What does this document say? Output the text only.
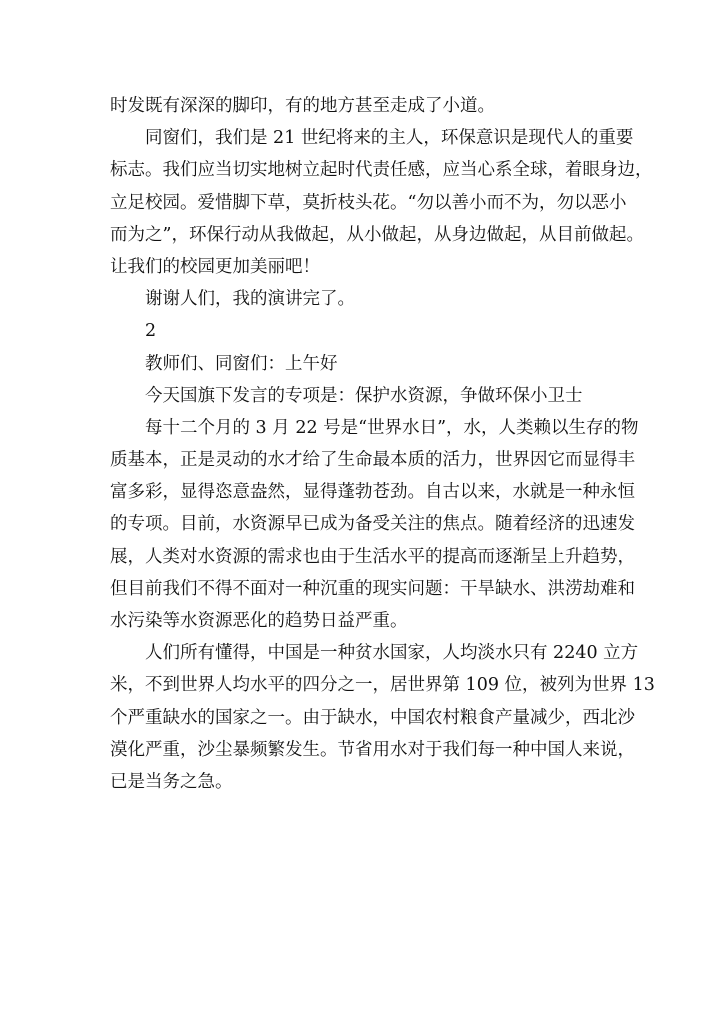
时发既有深深的脚印，有的地方甚至走成了小道。
同窗们，我们是 21 世纪将来的主人，环保意识是现代人的重要
标志。我们应当切实地树立起时代责任感，应当心系全球，着眼身边，
立足校园。爱惜脚下草，莫折枝头花。“勿以善小而不为，勿以恶小
而为之”，环保行动从我做起，从小做起，从身边做起，从目前做起。
让我们的校园更加美丽吧！
谢谢人们，我的演讲完了。
2
教师们、同窗们：上午好
今天国旗下发言的专项是：保护水资源，争做环保小卫士
每十二个月的 3 月 22 号是“世界水日”，水，人类赖以生存的物
质基本，正是灵动的水才给了生命最本质的活力，世界因它而显得丰
富多彩，显得恣意盎然，显得蓬勃苍劲。自古以来，水就是一种永恒
的专项。目前，水资源早已成为备受关注的焦点。随着经济的迅速发
展，人类对水资源的需求也由于生活水平的提高而逐渐呈上升趋势，
但目前我们不得不面对一种沉重的现实问题：干旱缺水、洪涝劫难和
水污染等水资源恶化的趋势日益严重。
人们所有懂得，中国是一种贫水国家，人均淡水只有 2240 立方
米，不到世界人均水平的四分之一，居世界第 109 位，被列为世界 13
个严重缺水的国家之一。由于缺水，中国农村粮食产量减少，西北沙
漠化严重，沙尘暴频繁发生。节省用水对于我们每一种中国人来说，
已是当务之急。
